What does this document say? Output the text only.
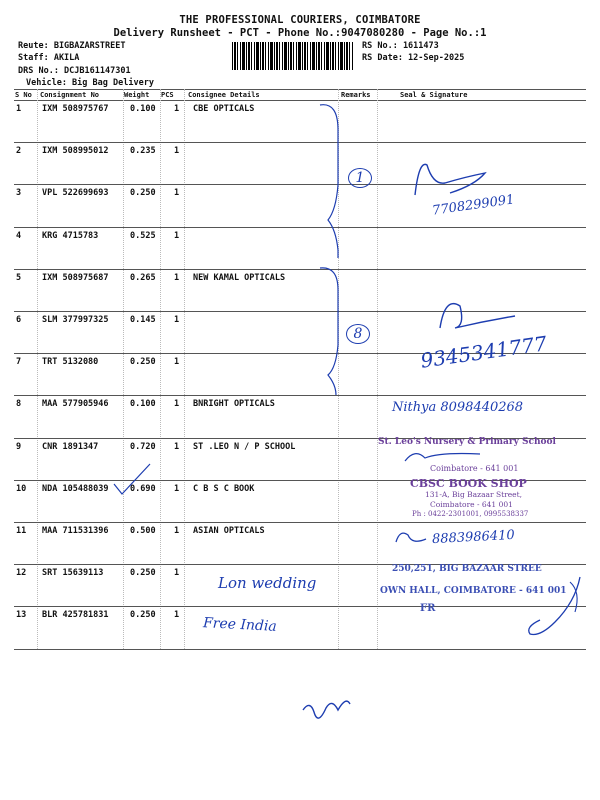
THE PROFESSIONAL COURIERS, COIMBATORE
Delivery Runsheet - PCT - Phone No.:9047080280 - Page No.:1
Reute: BIGBAZARSTREET
Staff: AKILA
DRS No.: DCJB161147301
Vehicle: Big Bag Delivery
RS No.: 1611473
RS Date: 12-Sep-2025
S No Consignment No	Weight PCS Consignee Details	Remarks	Seal & Signature
1 IXM 508975767	0.100 1 CBE OPTICALS
2 IXM 508995012	0.235 1
3 VPL 522699693	0.250 1
4 KRG 4715783	0.525 1
5 IXM 508975687	0.265 1 NEW KAMAL OPTICALS
6 SLM 377997325	0.145 1
7 TRT 5132080	0.250 1
8 MAA 577905946	0.100 1 BNRIGHT OPTICALS
9 CNR 1891347	0.720 1 ST .LEO N / P SCHOOL
10 NDA 105488039	0.690 1 C B S C BOOK
11 MAA 711531396	0.500 1 ASIAN OPTICALS
12 SRT 15639113	0.250 1
13 BLR 425781831	0.250 1
1
8
7708299091
9345341777
Nithya 8098440268
St. Leo's Nursery & Primary School
Coimbatore - 641 001
CBSC BOOK SHOP
131-A, Big Bazaar Street,
Coimbatore - 641 001
Ph : 0422-2301001, 0995538337
8883986410
250,251, BIG BAZAAR STREE
OWN HALL, COIMBATORE - 641 001
FR
Lon wedding
Free India
